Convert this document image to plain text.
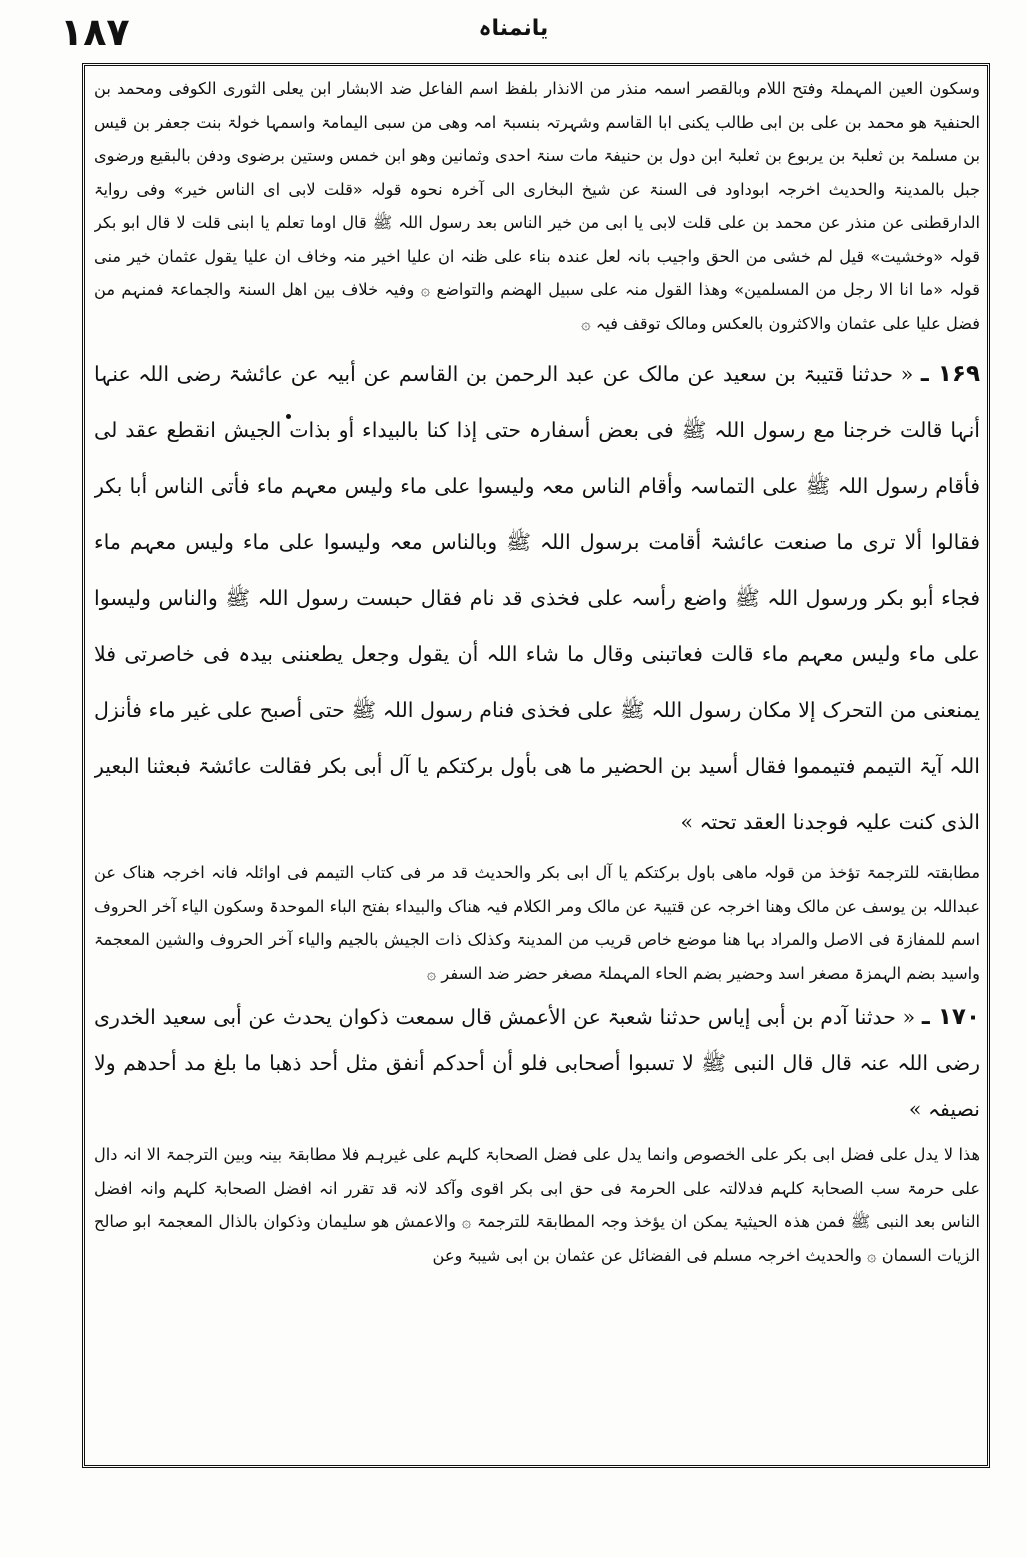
۱۸۷	یانمناہ

وسکون العین المہملۃ وفتح اللام وبالقصر اسمہ منذر من الانذار بلفظ اسم الفاعل ضد الابشار ابن یعلی الثوری الکوفی ومحمد بن الحنفیۃ ھو محمد بن علی بن ابی طالب یکنی ابا القاسم وشہرتہ بنسبۃ امہ وھی من سبی الیمامۃ واسمہا خولۃ بنت جعفر بن قیس بن مسلمۃ بن ثعلبۃ بن یربوع بن ثعلبۃ ابن دول بن حنیفۃ مات سنۃ احدی وثمانین وھو ابن خمس وستین برضوی ودفن بالبقیع ورضوی جبل بالمدینۃ والحدیث اخرجہ ابوداود فی السنۃ عن شیخ البخاری الی آخرہ نحوہ قولہ «قلت لابی ای الناس خیر» وفی روایۃ الدارقطنی عن منذر عن محمد بن علی قلت لابی یا ابی من خیر الناس بعد رسول اللہ ﷺ قال اوما تعلم یا ابنی قلت لا قال ابو بکر قولہ «وخشیت» قیل لم خشی من الحق واجیب بانہ لعل عندہ بناء علی ظنہ ان علیا اخیر منہ وخاف ان علیا یقول عثمان خیر منی قولہ «ما انا الا رجل من المسلمین» وھذا القول منہ علی سبیل الھضم والتواضع ۞ وفیہ خلاف بین اھل السنۃ والجماعۃ فمنہم من فضل علیا علی عثمان والاکثرون بالعکس ومالک توقف فیہ ۞

۱۶۹ ـ « حدثنا قتیبۃ بن سعید عن مالک عن عبد الرحمن بن القاسم عن أبیہ عن عائشۃ رضی اللہ عنہا أنہا قالت خرجنا مع رسول اللہ ﷺ فی بعض أسفارہ حتی إذا کنا بالبیداء أو بذات الجیش انقطع عقد لی فأقام رسول اللہ ﷺ علی التماسہ وأقام الناس معہ ولیسوا علی ماء ولیس معہم ماء فأتی الناس أبا بکر فقالوا ألا تری ما صنعت عائشۃ أقامت برسول اللہ ﷺ وبالناس معہ ولیسوا علی ماء ولیس معہم ماء فجاء أبو بکر ورسول اللہ ﷺ واضع رأسہ علی فخذی قد نام فقال حبست رسول اللہ ﷺ والناس ولیسوا علی ماء ولیس معہم ماء قالت فعاتبنی وقال ما شاء اللہ أن یقول وجعل یطعننی بیدہ فی خاصرتی فلا یمنعنی من التحرک إلا مکان رسول اللہ ﷺ علی فخذی فنام رسول اللہ ﷺ حتی أصبح علی غیر ماء فأنزل اللہ آیۃ التیمم فتیمموا فقال أسید بن الحضیر ما ھی بأول برکتکم یا آل أبی بکر فقالت عائشۃ فبعثنا البعیر الذی کنت علیہ فوجدنا العقد تحتہ »

مطابقتہ للترجمۃ تؤخذ من قولہ ماھی باول برکتکم یا آل ابی بکر والحدیث قد مر فی کتاب التیمم فی اوائلہ فانہ اخرجہ ھناک عن عبداللہ بن یوسف عن مالک وھنا اخرجہ عن قتیبۃ عن مالک ومر الکلام فیہ ھناک والبیداء بفتح الباء الموحدۃ وسکون الیاء آخر الحروف اسم للمفازۃ فی الاصل والمراد بہا ھنا موضع خاص قریب من المدینۃ وکذلک ذات الجیش بالجیم والیاء آخر الحروف والشین المعجمۃ واسید بضم الہمزۃ مصغر اسد وحضیر بضم الحاء المہملۃ مصغر حضر ضد السفر ۞

۱۷۰ ـ « حدثنا آدم بن أبی إیاس حدثنا شعبۃ عن الأعمش قال سمعت ذکوان یحدث عن أبی سعید الخدری رضی اللہ عنہ قال قال النبی ﷺ لا تسبوا أصحابی فلو أن أحدکم أنفق مثل أحد ذھبا ما بلغ مد أحدھم ولا نصیفہ »

ھذا لا یدل علی فضل ابی بکر علی الخصوص وانما یدل علی فضل الصحابۃ کلہم علی غیرہم فلا مطابقۃ بینہ وبین الترجمۃ الا انہ دال علی حرمۃ سب الصحابۃ کلہم فدلالتہ علی الحرمۃ فی حق ابی بکر اقوی وآکد لانہ قد تقرر انہ افضل الصحابۃ کلہم وانہ افضل الناس بعد النبی ﷺ فمن ھذہ الحیثیۃ یمکن ان یؤخذ وجہ المطابقۃ للترجمۃ ۞ والاعمش ھو سلیمان وذکوان بالذال المعجمۃ ابو صالح الزیات السمان ۞ والحدیث اخرجہ مسلم فی الفضائل عن عثمان بن ابی شیبۃ وعن
